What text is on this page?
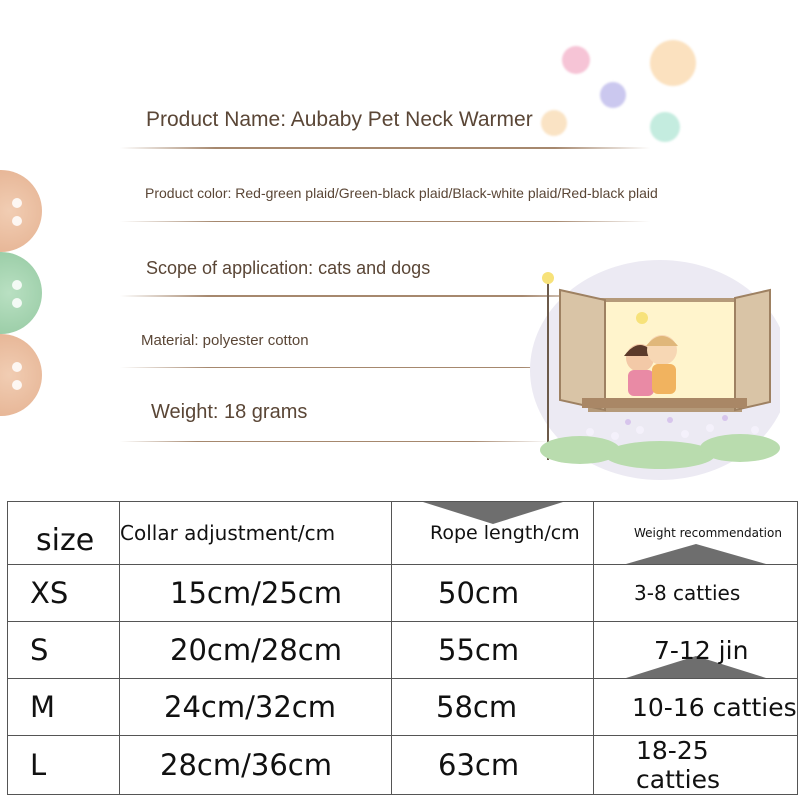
Product Name: Aubaby Pet Neck Warmer
Product color: Red-green plaid/Green-black plaid/Black-white plaid/Red-black plaid
Scope of application: cats and dogs
Material: polyester cotton
Weight: 18 grams
size	Collar adjustment/cm	Rope length/cm	Weight recommendation
XS	15cm/25cm	50cm	3-8 catties
S	20cm/28cm	55cm	7-12 jin
M	24cm/32cm	58cm	10-16 catties
L	28cm/36cm	63cm	18-25 catties
